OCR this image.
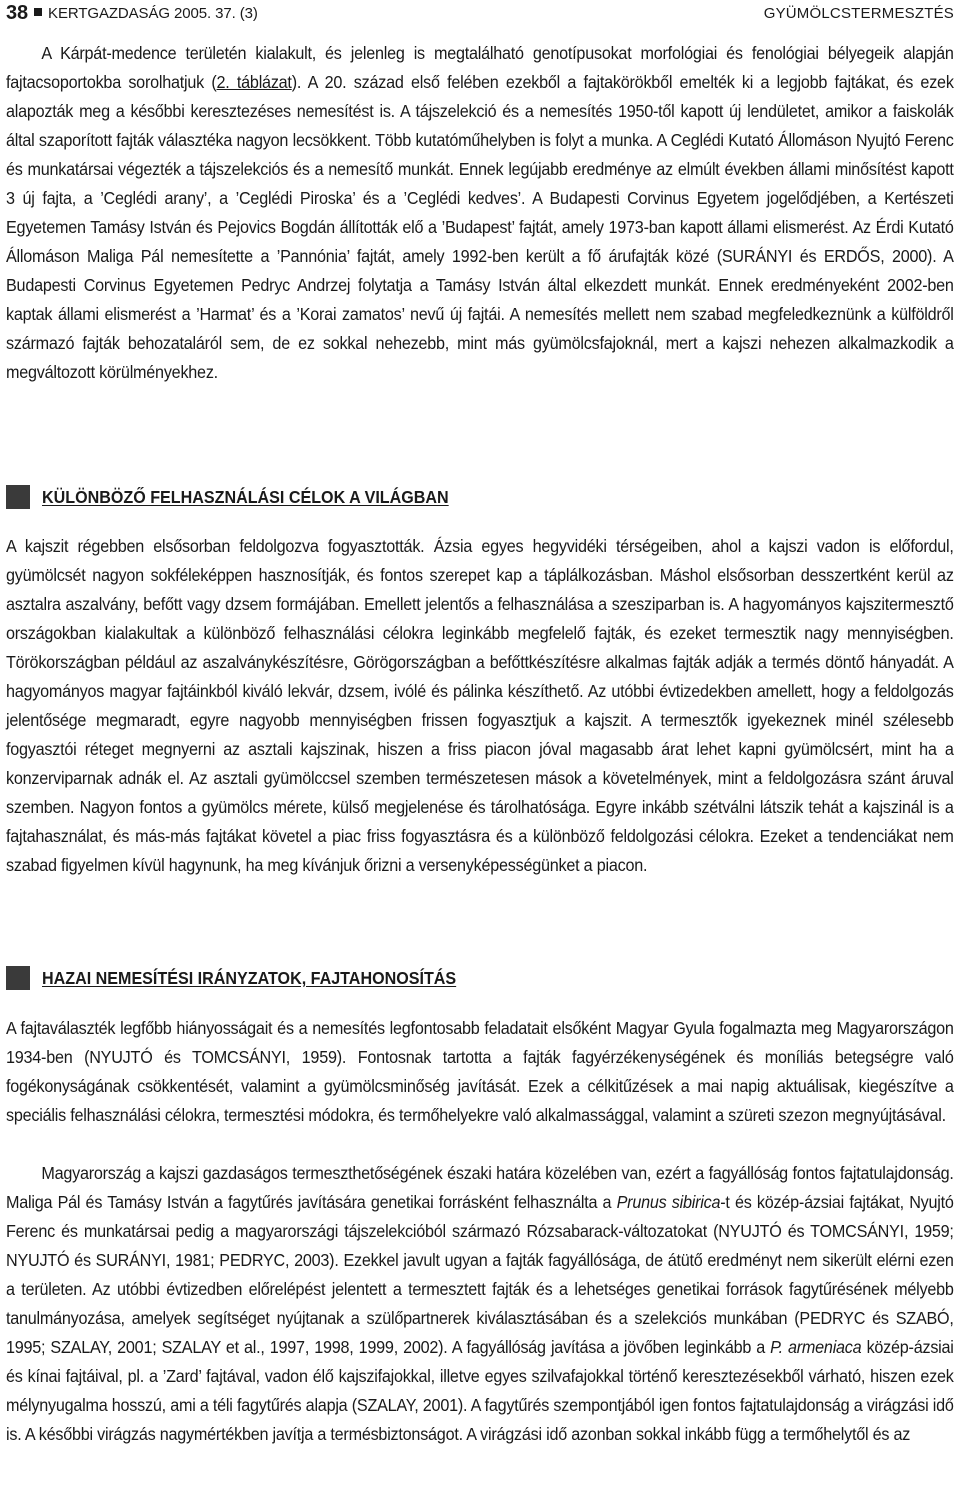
38 KERTGAZDASÁG 2005. 37. (3)	GYÜMÖLCSTERMESZTÉS

A Kárpát-medence területén kialakult, és jelenleg is megtalálható genotípusokat morfológiai és fenológiai bélyegeik alapján fajtacsoportokba sorolhatjuk (2. táblázat). A 20. század első felében ezekből a fajtakörökből emelték ki a legjobb fajtákat, és ezek alapozták meg a későbbi keresztezéses nemesítést is. A tájszelekció és a nemesítés 1950-től kapott új lendületet, amikor a faiskolák által szaporított fajták választéka nagyon lecsökkent. Több kutatóműhelyben is folyt a munka. A Ceglédi Kutató Állomáson Nyujtó Ferenc és munkatársai végezték a tájszelekciós és a nemesítő munkát. Ennek legújabb eredménye az elmúlt években állami minősítést kapott 3 új fajta, a ’Ceglédi arany’, a ’Ceglédi Piroska’ és a ’Ceglédi kedves’. A Budapesti Corvinus Egyetem jogelődjében, a Kertészeti Egyetemen Tamásy István és Pejovics Bogdán állították elő a ’Budapest’ fajtát, amely 1973-ban kapott állami elismerést. Az Érdi Kutató Állomáson Maliga Pál nemesítette a ’Pannónia’ fajtát, amely 1992-ben került a fő árufajták közé (SURÁNYI és ERDŐS, 2000). A Budapesti Corvinus Egyetemen Pedryc Andrzej folytatja a Tamásy István által elkezdett munkát. Ennek eredményeként 2002-ben kaptak állami elismerést a ’Harmat’ és a ’Korai zamatos’ nevű új fajtái. A nemesítés mellett nem szabad megfeledkeznünk a külföldről származó fajták behozataláról sem, de ez sokkal nehezebb, mint más gyümölcsfajoknál, mert a kajszi nehezen alkalmazkodik a megváltozott körülményekhez.

KÜLÖNBÖZŐ FELHASZNÁLÁSI CÉLOK A VILÁGBAN

A kajszit régebben elsősorban feldolgozva fogyasztották. Ázsia egyes hegyvidéki térségeiben, ahol a kajszi vadon is előfordul, gyümölcsét nagyon sokféleképpen hasznosítják, és fontos szerepet kap a táplálkozásban. Máshol elsősorban desszertként kerül az asztalra aszalvány, befőtt vagy dzsem formájában. Emellett jelentős a felhasználása a szesziparban is. A hagyományos kajszitermesztő országokban kialakultak a különböző felhasználási célokra leginkább megfelelő fajták, és ezeket termesztik nagy mennyiségben. Törökországban például az aszalványkészítésre, Görögországban a befőttkészítésre alkalmas fajták adják a termés döntő hányadát. A hagyományos magyar fajtáinkból kiváló lekvár, dzsem, ivólé és pálinka készíthető. Az utóbbi évtizedekben amellett, hogy a feldolgozás jelentősége megmaradt, egyre nagyobb mennyiségben frissen fogyasztjuk a kajszit. A termesztők igyekeznek minél szélesebb fogyasztói réteget megnyerni az asztali kajszinak, hiszen a friss piacon jóval magasabb árat lehet kapni gyümölcsért, mint ha a konzerviparnak adnák el. Az asztali gyümölccsel szemben természetesen mások a követelmények, mint a feldolgozásra szánt áruval szemben. Nagyon fontos a gyümölcs mérete, külső megjelenése és tárolhatósága. Egyre inkább szétválni látszik tehát a kajszinál is a fajtahasználat, és más-más fajtákat követel a piac friss fogyasztásra és a különböző feldolgozási célokra. Ezeket a tendenciákat nem szabad figyelmen kívül hagynunk, ha meg kívánjuk őrizni a versenyképességünket a piacon.

HAZAI NEMESÍTÉSI IRÁNYZATOK, FAJTAHONOSÍTÁS

A fajtaválaszték legfőbb hiányosságait és a nemesítés legfontosabb feladatait elsőként Magyar Gyula fogalmazta meg Magyarországon 1934-ben (NYUJTÓ és TOMCSÁNYI, 1959). Fontosnak tartotta a fajták fagyérzékenységének és moníliás betegségre való fogékonyságának csökkentését, valamint a gyümölcsminőség javítását. Ezek a célkitűzések a mai napig aktuálisak, kiegészítve a speciális felhasználási célokra, termesztési módokra, és termőhelyekre való alkalmassággal, valamint a szüreti szezon megnyújtásával.

Magyarország a kajszi gazdaságos termeszthetőségének északi határa közelében van, ezért a fagyállóság fontos fajtatulajdonság. Maliga Pál és Tamásy István a fagytűrés javítására genetikai forrásként felhasználta a Prunus sibirica-t és közép-ázsiai fajtákat, Nyujtó Ferenc és munkatársai pedig a magyarországi tájszelekcióból származó Rózsabarack-változatokat (NYUJTÓ és TOMCSÁNYI, 1959; NYUJTÓ és SURÁNYI, 1981; PEDRYC, 2003). Ezekkel javult ugyan a fajták fagyállósága, de átütő eredményt nem sikerült elérni ezen a területen. Az utóbbi évtizedben előrelépést jelentett a termesztett fajták és a lehetséges genetikai források fagytűrésének mélyebb tanulmányozása, amelyek segítséget nyújtanak a szülőpartnerek kiválasztásában és a szelekciós munkában (PEDRYC és SZABÓ, 1995; SZALAY, 2001; SZALAY et al., 1997, 1998, 1999, 2002). A fagyállóság javítása a jövőben leginkább a P. armeniaca közép-ázsiai és kínai fajtáival, pl. a ’Zard’ fajtával, vadon élő kajszifajokkal, illetve egyes szilvafajokkal történő keresztezésekből várható, hiszen ezek mélynyugalma hosszú, ami a téli fagytűrés alapja (SZALAY, 2001). A fagytűrés szempontjából igen fontos fajtatulajdonság a virágzási idő is. A későbbi virágzás nagymértékben javítja a termésbiztonságot. A virágzási idő azonban sokkal inkább függ a termőhelytől és az
